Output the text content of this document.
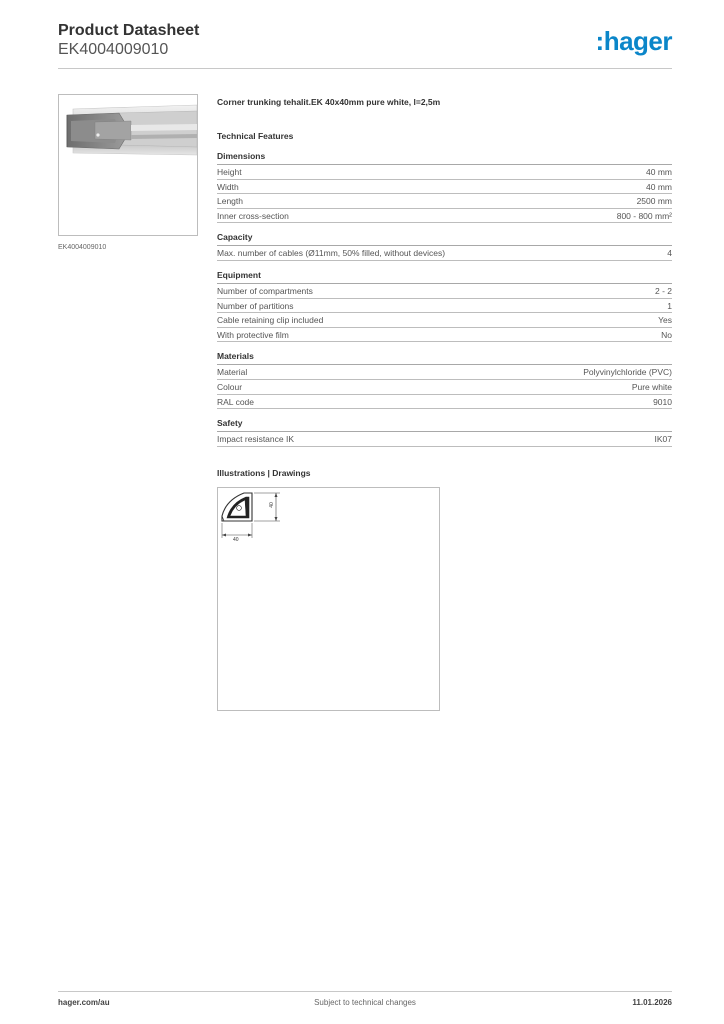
Product Datasheet
EK4004009010	:hager
EK4004009010
Corner trunking tehalit.EK 40x40mm pure white, l=2,5m
Technical Features
Dimensions
Height	40 mm
Width	40 mm
Length	2500 mm
Inner cross-section	800 - 800 mm²
Capacity
Max. number of cables (Ø11mm, 50% filled, without devices)	4
Equipment
Number of compartments	2 - 2
Number of partitions	1
Cable retaining clip included	Yes
With protective film	No
Materials
Material	Polyvinylchloride (PVC)
Colour	Pure white
RAL code	9010
Safety
Impact resistance IK	IK07
Illustrations | Drawings
40
40
Subject to technical changes
hager.com/au	11.01.2026
